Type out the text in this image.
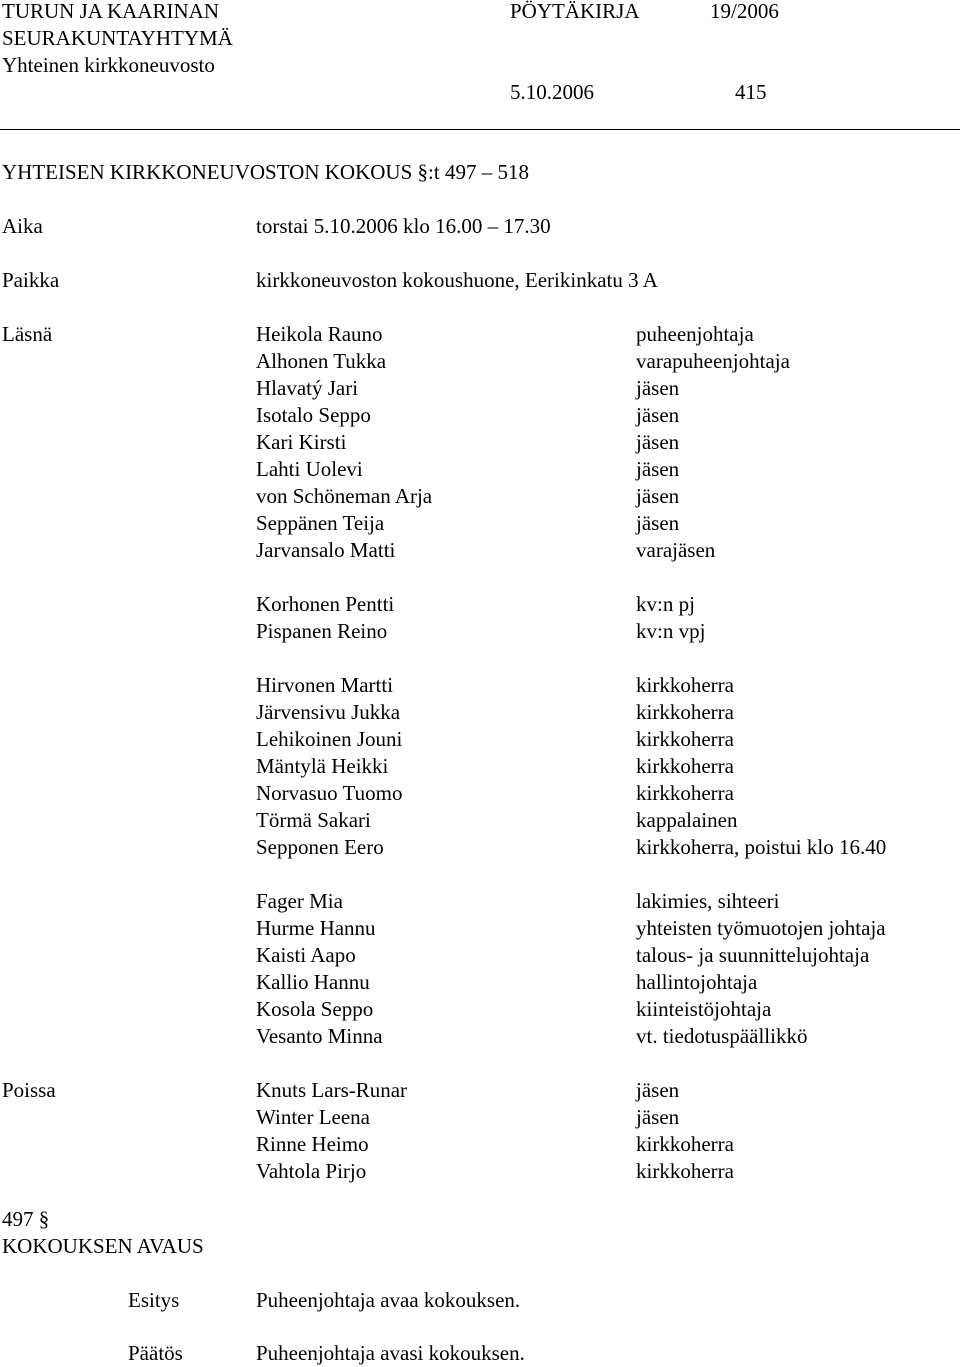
TURUN JA KAARINAN
SEURAKUNTAYHTYMÄ
Yhteinen kirkkoneuvosto
PÖYTÄKIRJA	19/2006
5.10.2006	415
YHTEISEN KIRKKONEUVOSTON KOKOUS §:t 497 – 518
Aika	torstai 5.10.2006 klo 16.00 – 17.30
Paikka	kirkkoneuvoston kokoushuone, Eerikinkatu 3 A
Läsnä	Heikola Rauno	puheenjohtaja
Alhonen Tukka	varapuheenjohtaja
Hlavatý Jari	jäsen
Isotalo Seppo	jäsen
Kari Kirsti	jäsen
Lahti Uolevi	jäsen
von Schöneman Arja	jäsen
Seppänen Teija	jäsen
Jarvansalo Matti	varajäsen
Korhonen Pentti	kv:n pj
Pispanen Reino	kv:n vpj
Hirvonen Martti	kirkkoherra
Järvensivu Jukka	kirkkoherra
Lehikoinen Jouni	kirkkoherra
Mäntylä Heikki	kirkkoherra
Norvasuo Tuomo	kirkkoherra
Törmä Sakari	kappalainen
Sepponen Eero	kirkkoherra, poistui klo 16.40
Fager Mia	lakimies, sihteeri
Hurme Hannu	yhteisten työmuotojen johtaja
Kaisti Aapo	talous- ja suunnittelujohtaja
Kallio Hannu	hallintojohtaja
Kosola Seppo	kiinteistöjohtaja
Vesanto Minna	vt. tiedotuspäällikkö
Poissa	Knuts Lars-Runar	jäsen
Winter Leena	jäsen
Rinne Heimo	kirkkoherra
Vahtola Pirjo	kirkkoherra
497 §
KOKOUKSEN AVAUS
Esitys	Puheenjohtaja avaa kokouksen.
Päätös	Puheenjohtaja avasi kokouksen.
